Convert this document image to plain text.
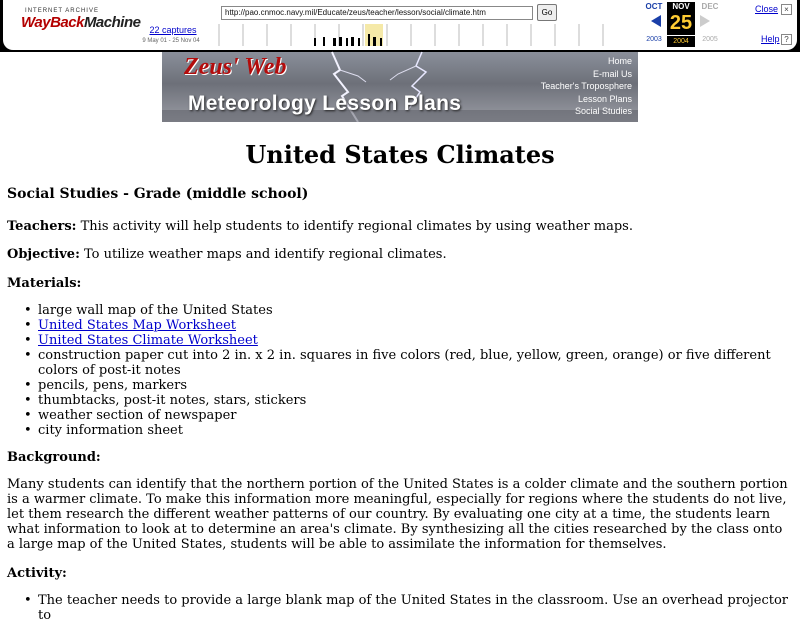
INTERNET ARCHIVE
WayBackMachine	22 captures
9 May 01 - 25 Nov 04
http://pao.cnmoc.navy.mil/Educate/zeus/teacher/lesson/social/climate.htm	Go
OCT	NOV	DEC
25
2003	2004	2005
Close ×
Help ?
Zeus' Web
Meteorology Lesson Plans
Home
E-mail Us
Teacher's Troposphere
Lesson Plans
Social Studies
United States Climates
Social Studies - Grade (middle school)
Teachers: This activity will help students to identify regional climates by using weather maps.
Objective: To utilize weather maps and identify regional climates.
Materials:
• large wall map of the United States
• United States Map Worksheet
• United States Climate Worksheet
• construction paper cut into 2 in. x 2 in. squares in five colors (red, blue, yellow, green, orange) or five different colors of post-it notes
• pencils, pens, markers
• thumbtacks, post-it notes, stars, stickers
• weather section of newspaper
• city information sheet
Background:
Many students can identify that the northern portion of the United States is a colder climate and the southern portion is a warmer climate. To make this information more meaningful, especially for regions where the students do not live, let them research the different weather patterns of our country. By evaluating one city at a time, the students learn what information to look at to determine an area's climate. By synthesizing all the cities researched by the class onto a large map of the United States, students will be able to assimilate the information for themselves.
Activity:
• The teacher needs to provide a large blank map of the United States in the classroom. Use an overhead projector to
